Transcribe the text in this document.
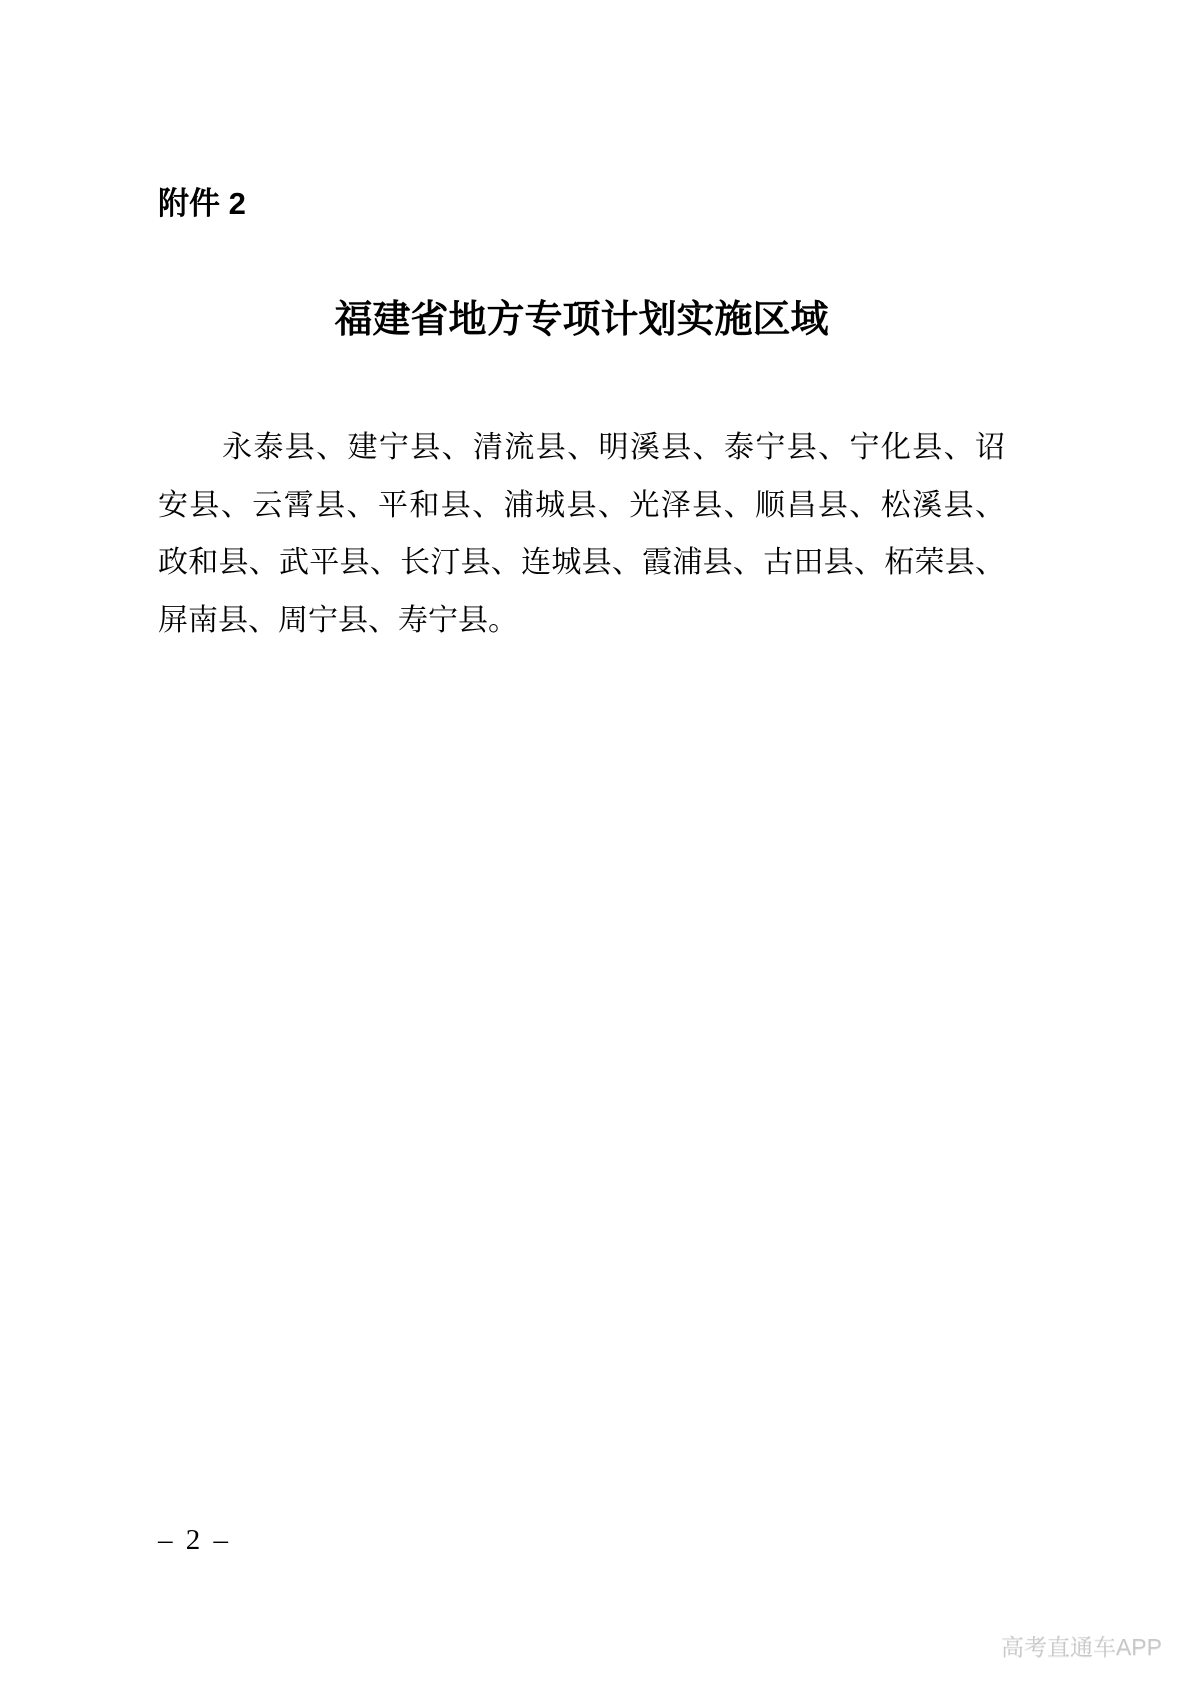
附件 2
福建省地方专项计划实施区域
永泰县、建宁县、清流县、明溪县、泰宁县、宁化县、诏
安县、云霄县、平和县、浦城县、光泽县、顺昌县、松溪县、
政和县、武平县、长汀县、连城县、霞浦县、古田县、柘荣县、
屏南县、周宁县、寿宁县。
– 2 –
高考直通车APP
